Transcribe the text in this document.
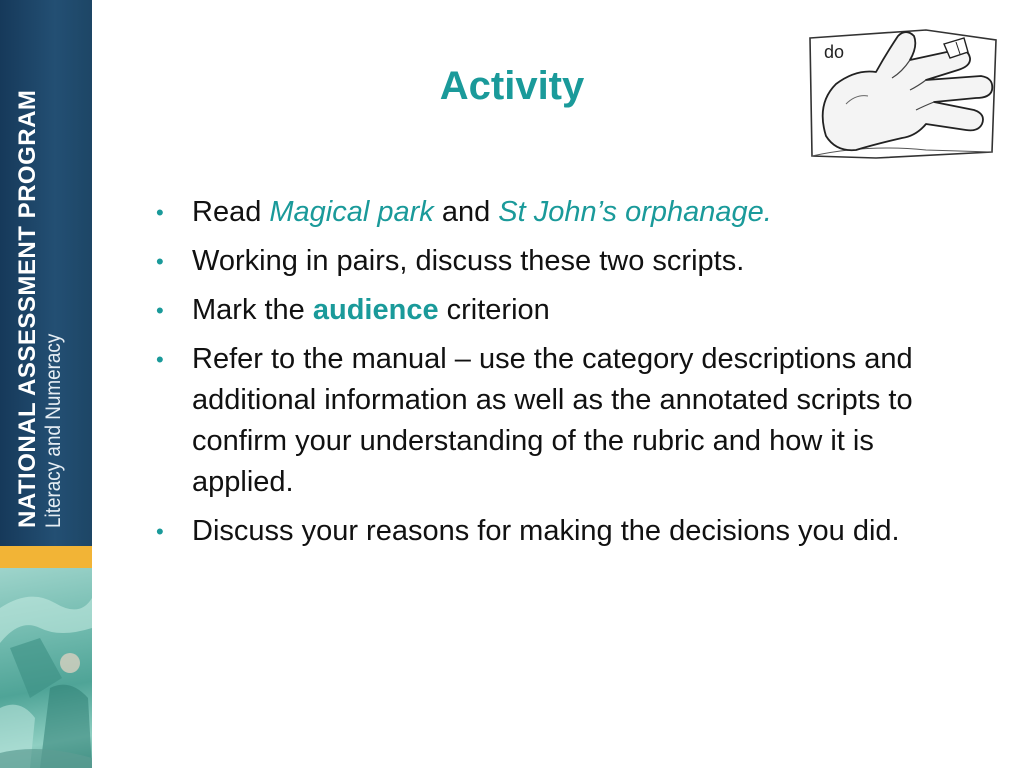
NATIONAL ASSESSMENT PROGRAM Literacy and Numeracy
Activity
do
• Read Magical park and St John’s orphanage.
• Working in pairs, discuss these two scripts.
• Mark the audience criterion
• Refer to the manual – use the category descriptions and additional information as well as the annotated scripts to confirm your understanding of the rubric and how it is applied.
• Discuss your reasons for making the decisions you did.
